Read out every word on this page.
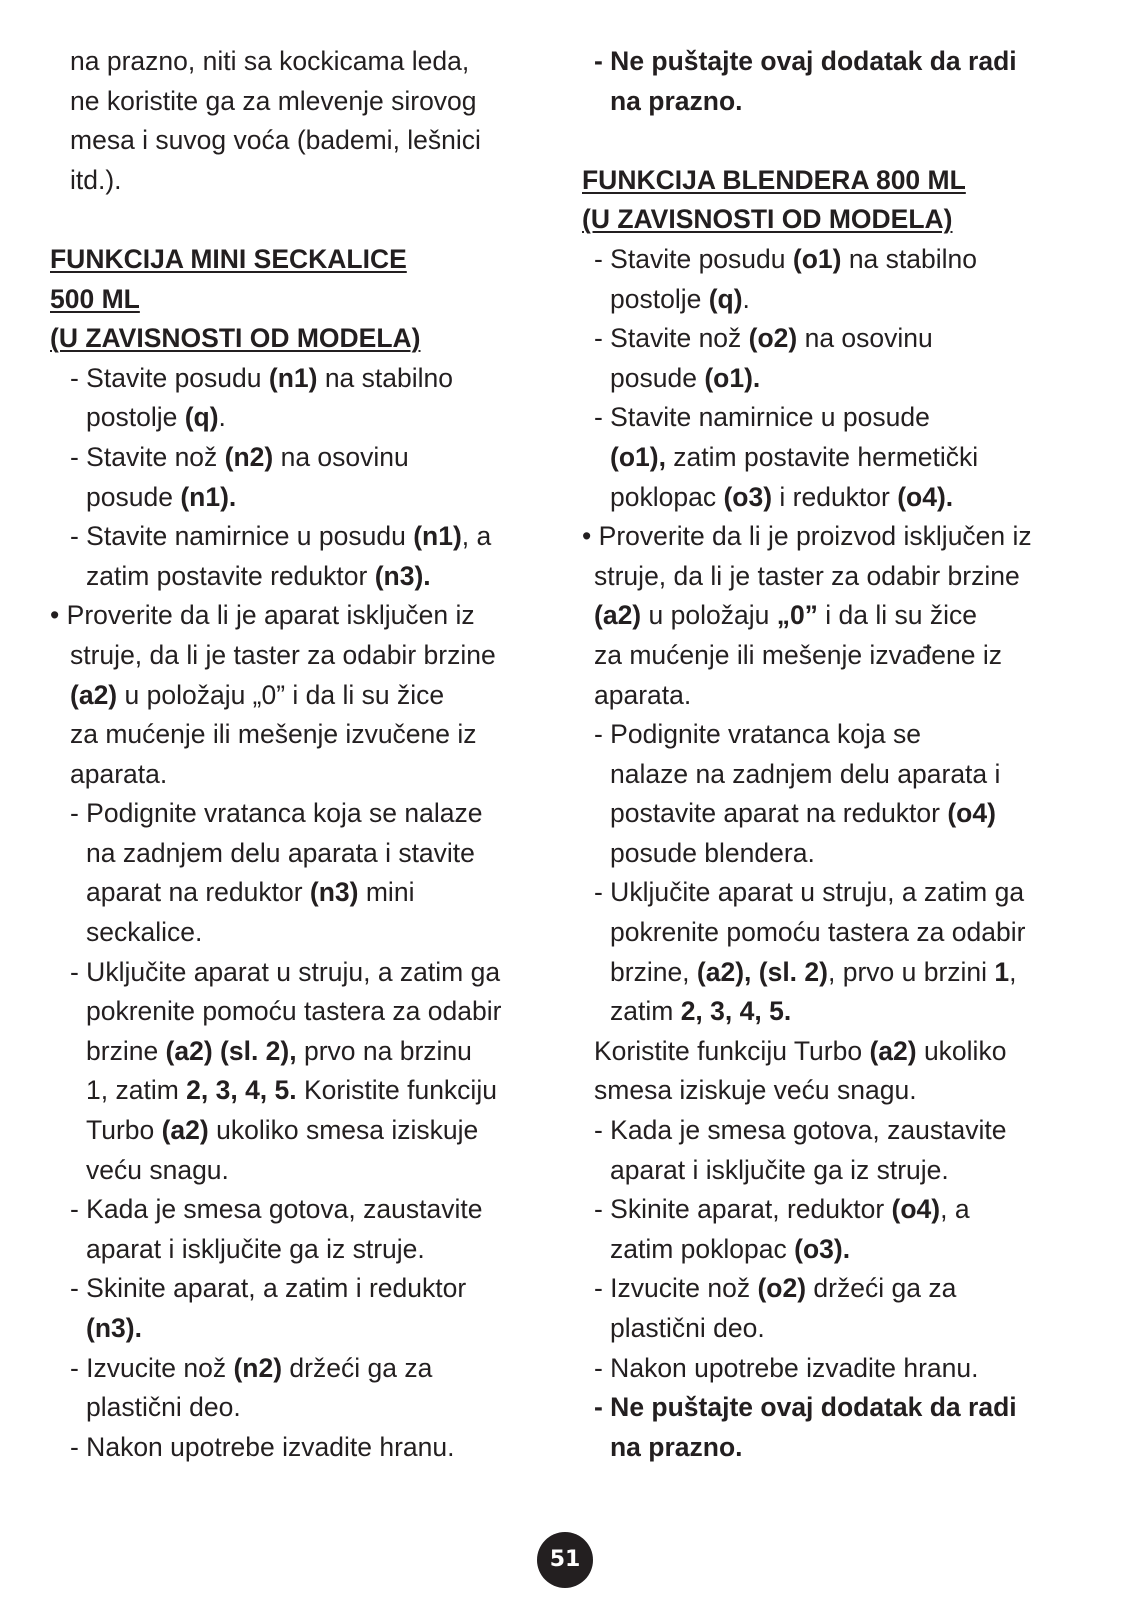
na prazno, niti sa kockicama leda,
ne koristite ga za mlevenje sirovog
mesa i suvog voća (bademi, lešnici
itd.).
FUNKCIJA MINI SECKALICE
500 ML
(U ZAVISNOSTI OD MODELA)
- Stavite posudu (n1) na stabilno
postolje (q).
- Stavite nož (n2) na osovinu
posude (n1).
- Stavite namirnice u posudu (n1), a
zatim postavite reduktor (n3).
• Proverite da li je aparat isključen iz
struje, da li je taster za odabir brzine
(a2) u položaju „0” i da li su žice
za mućenje ili mešenje izvučene iz
aparata.
- Podignite vratanca koja se nalaze
na zadnjem delu aparata i stavite
aparat na reduktor (n3) mini
seckalice.
- Uključite aparat u struju, a zatim ga
pokrenite pomoću tastera za odabir
brzine (a2) (sl. 2), prvo na brzinu
1, zatim 2, 3, 4, 5. Koristite funkciju
Turbo (a2) ukoliko smesa iziskuje
veću snagu.
- Kada je smesa gotova, zaustavite
aparat i isključite ga iz struje.
- Skinite aparat, a zatim i reduktor
(n3).
- Izvucite nož (n2) držeći ga za
plastični deo.
- Nakon upotrebe izvadite hranu.
- Ne puštajte ovaj dodatak da radi
na prazno.
FUNKCIJA BLENDERA 800 ML
(U ZAVISNOSTI OD MODELA)
- Stavite posudu (o1) na stabilno
postolje (q).
- Stavite nož (o2) na osovinu
posude (o1).
- Stavite namirnice u posude
(o1), zatim postavite hermetički
poklopac (o3) i reduktor (o4).
• Proverite da li je proizvod isključen iz
struje, da li je taster za odabir brzine
(a2) u položaju „0” i da li su žice
za mućenje ili mešenje izvađene iz
aparata.
- Podignite vratanca koja se
nalaze na zadnjem delu aparata i
postavite aparat na reduktor (o4)
posude blendera.
- Uključite aparat u struju, a zatim ga
pokrenite pomoću tastera za odabir
brzine, (a2), (sl. 2), prvo u brzini 1,
zatim 2, 3, 4, 5.
Koristite funkciju Turbo (a2) ukoliko
smesa iziskuje veću snagu.
- Kada je smesa gotova, zaustavite
aparat i isključite ga iz struje.
- Skinite aparat, reduktor (o4), a
zatim poklopac (o3).
- Izvucite nož (o2) držeći ga za
plastični deo.
- Nakon upotrebe izvadite hranu.
- Ne puštajte ovaj dodatak da radi
na prazno.
51
